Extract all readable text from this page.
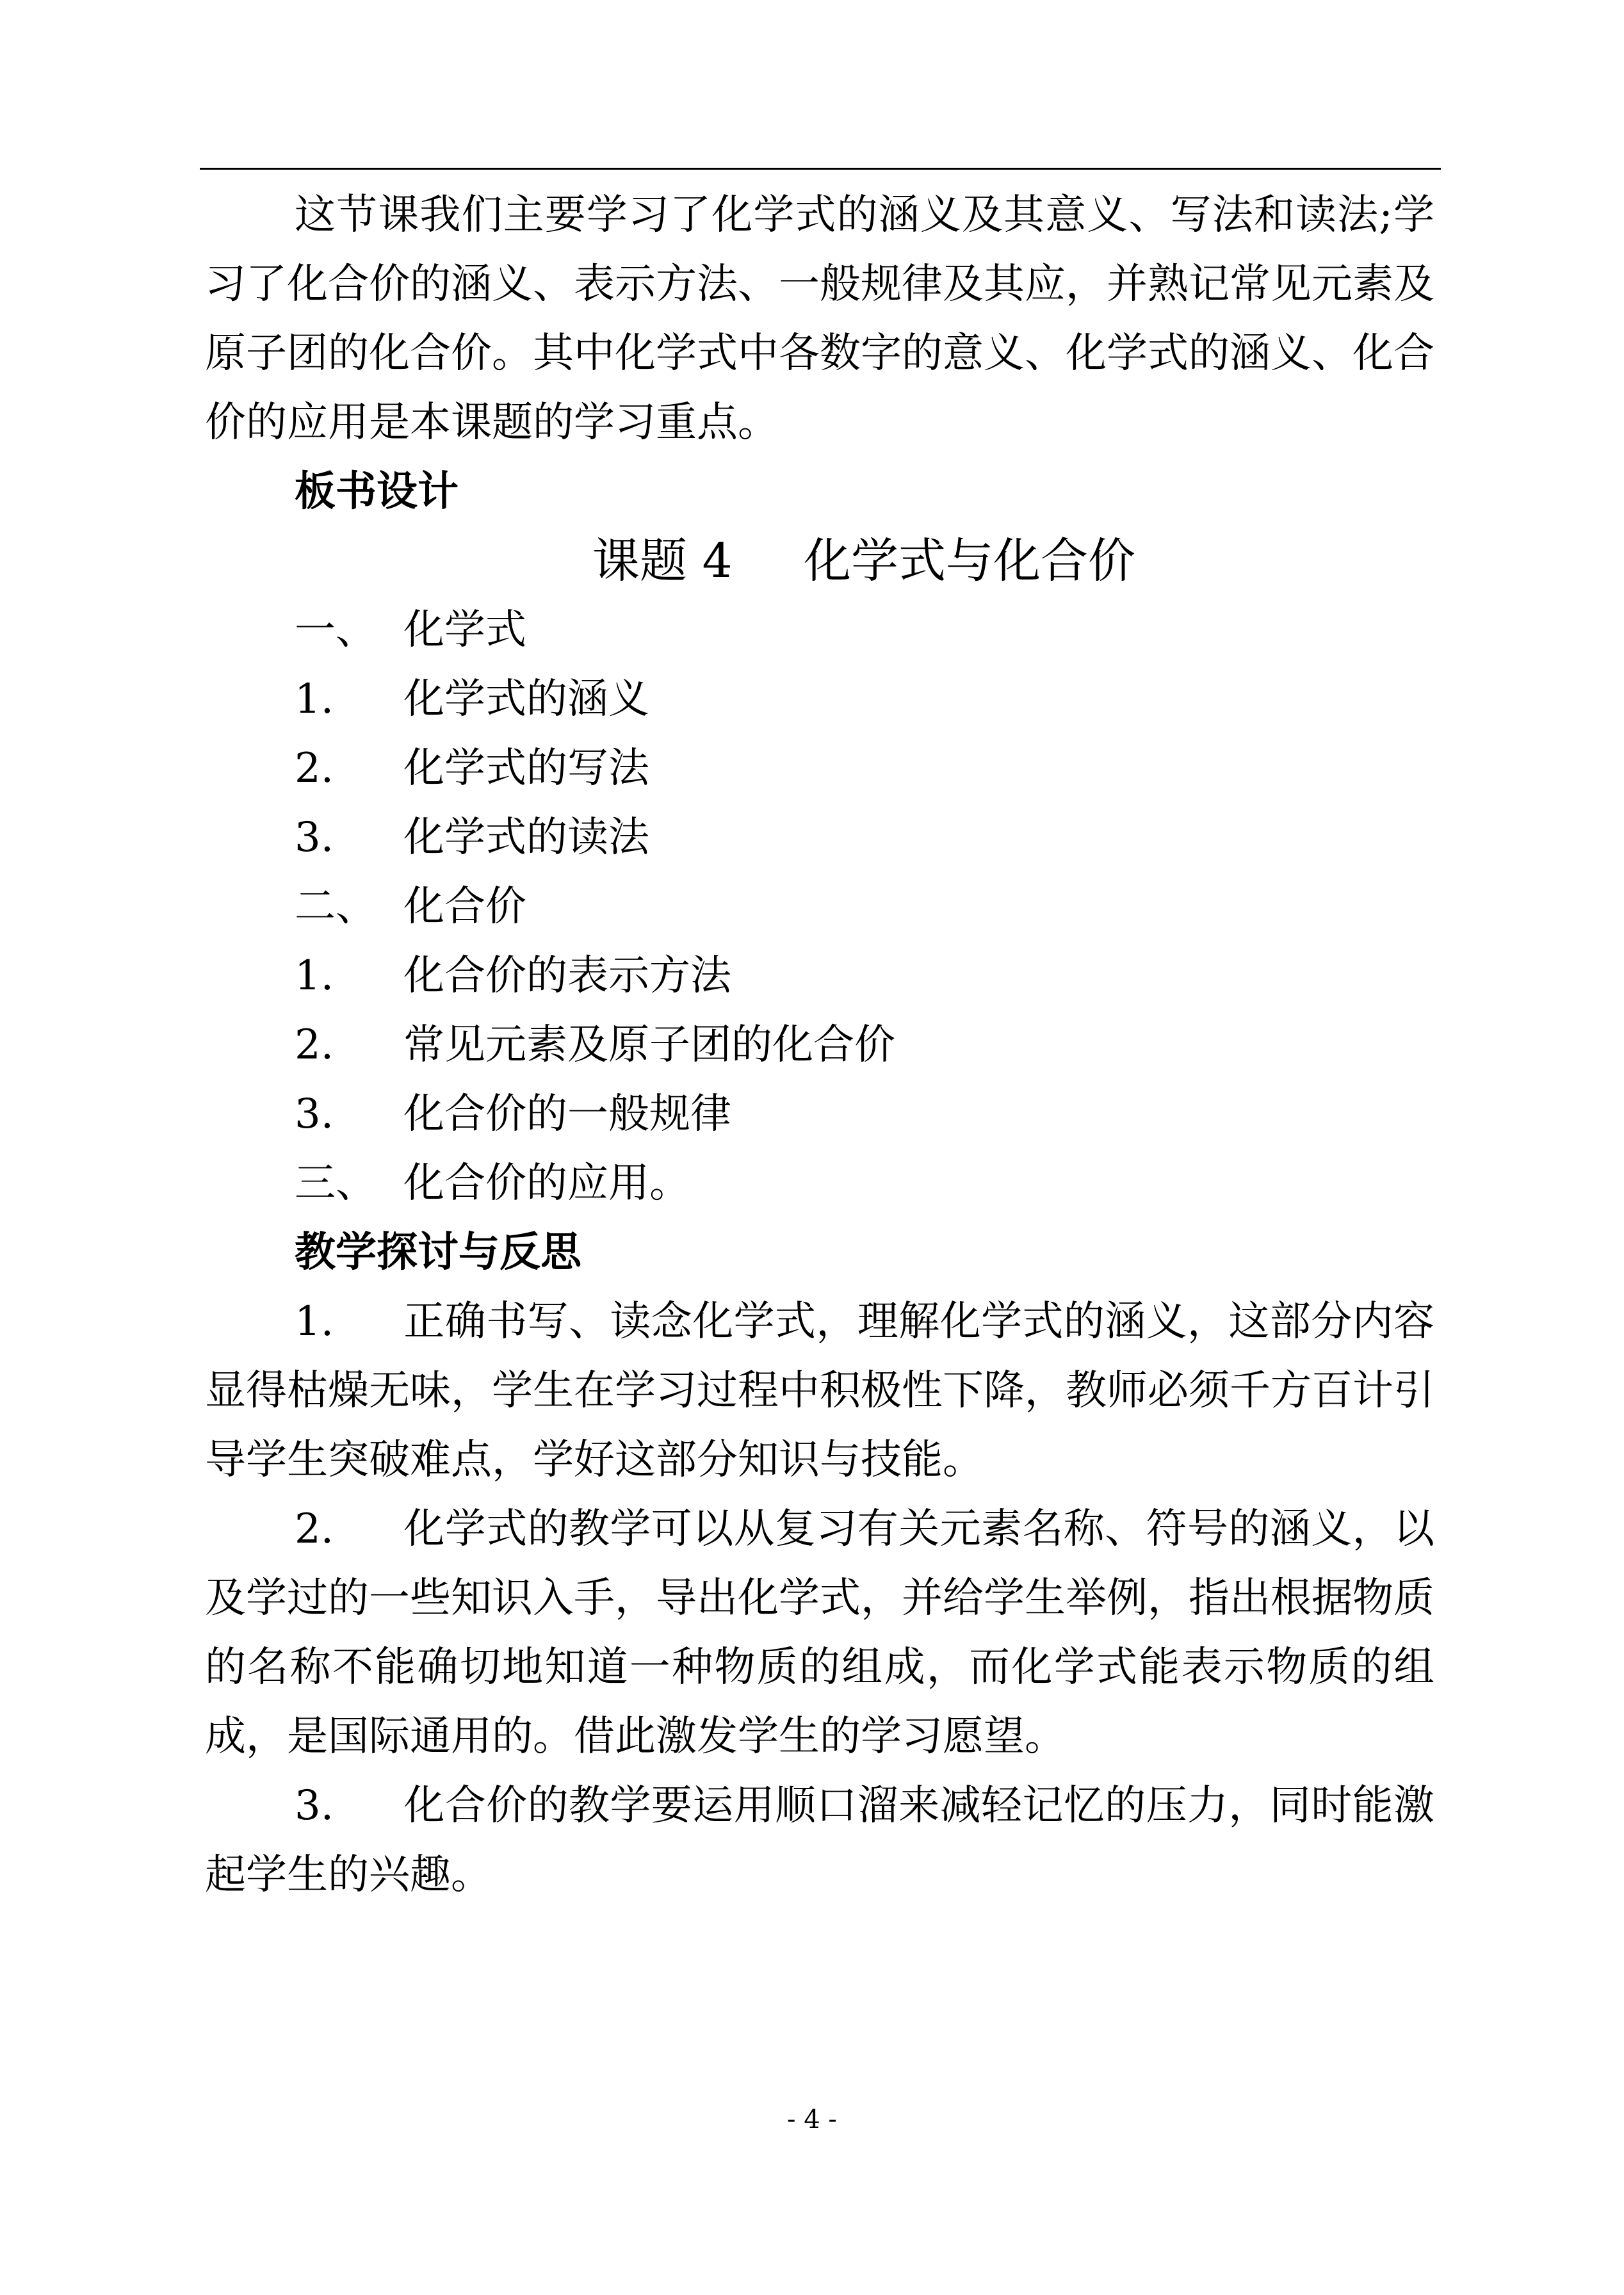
这节课我们主要学习了化学式的涵义及其意义、写法和读法;学习了化合价的涵义、表示方法、一般规律及其应，并熟记常见元素及原子团的化合价。其中化学式中各数字的意义、化学式的涵义、化合价的应用是本课题的学习重点。

板书设计

课题 4 化学式与化合价

一、 化学式

1. 化学式的涵义

2. 化学式的写法

3. 化学式的读法

二、 化合价

1. 化合价的表示方法

2. 常见元素及原子团的化合价

3. 化合价的一般规律

三、 化合价的应用。

教学探讨与反思

1. 正确书写、读念化学式，理解化学式的涵义，这部分内容显得枯燥无味，学生在学习过程中积极性下降，教师必须千方百计引导学生突破难点，学好这部分知识与技能。

2. 化学式的教学可以从复习有关元素名称、符号的涵义，以及学过的一些知识入手，导出化学式，并给学生举例，指出根据物质的名称不能确切地知道一种物质的组成，而化学式能表示物质的组成，是国际通用的。借此激发学生的学习愿望。

3. 化合价的教学要运用顺口溜来减轻记忆的压力，同时能激起学生的兴趣。

- 4 -
